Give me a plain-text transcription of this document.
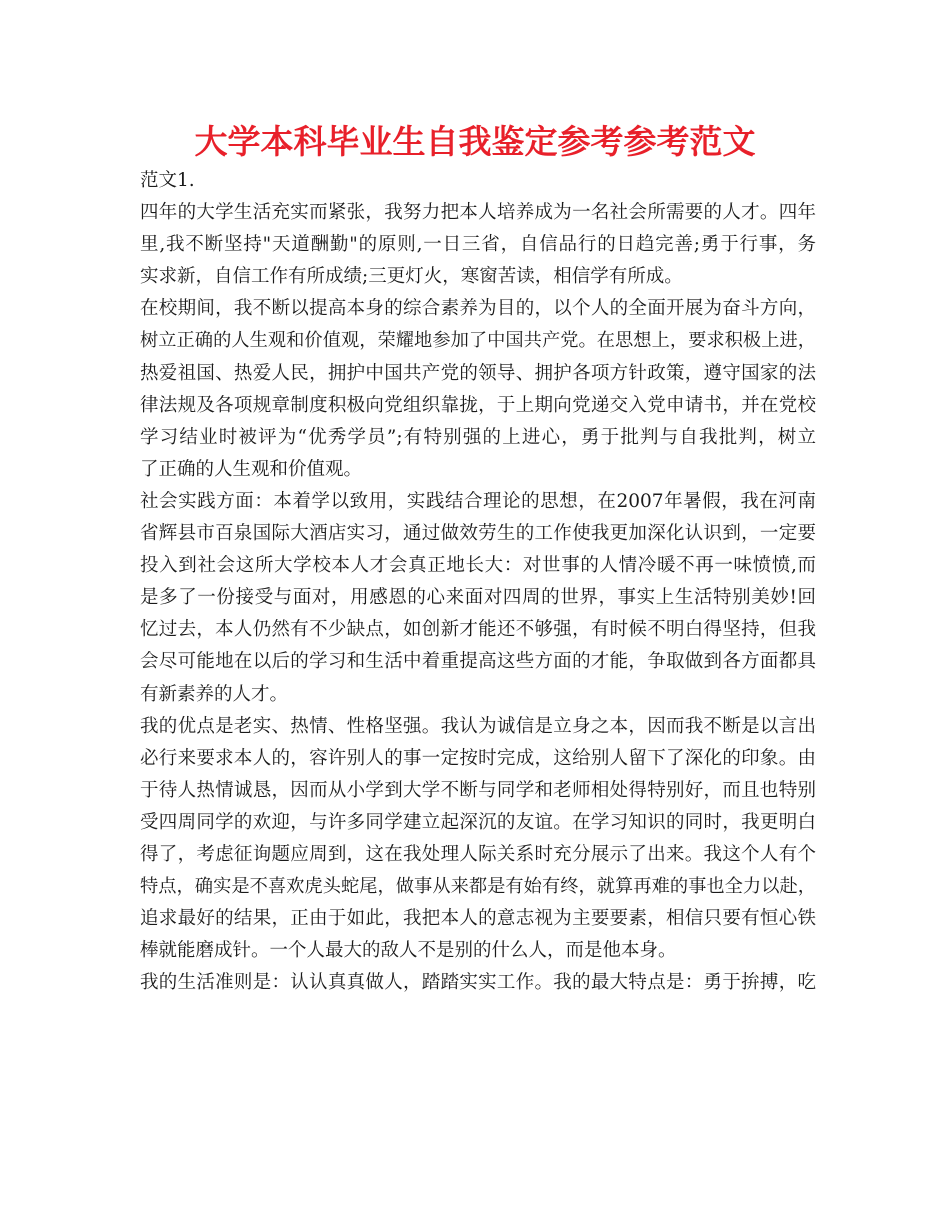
大学本科毕业生自我鉴定参考参考范文
范文1.
四年的大学生活充实而紧张，我努力把本人培养成为一名社会所需要的人才。四年
里,我不断坚持"天道酬勤"的原则,一日三省，自信品行的日趋完善;勇于行事，务
实求新，自信工作有所成绩;三更灯火，寒窗苦读，相信学有所成。
在校期间，我不断以提高本身的综合素养为目的，以个人的全面开展为奋斗方向，
树立正确的人生观和价值观，荣耀地参加了中国共产党。在思想上，要求积极上进，
热爱祖国、热爱人民，拥护中国共产党的领导、拥护各项方针政策，遵守国家的法
律法规及各项规章制度积极向党组织靠拢，于上期向党递交入党申请书，并在党校
学习结业时被评为“优秀学员”;有特别强的上进心，勇于批判与自我批判，树立
了正确的人生观和价值观。
社会实践方面：本着学以致用，实践结合理论的思想，在2007年暑假，我在河南
省辉县市百泉国际大酒店实习，通过做效劳生的工作使我更加深化认识到，一定要
投入到社会这所大学校本人才会真正地长大：对世事的人情冷暖不再一味愤愤,而
是多了一份接受与面对，用感恩的心来面对四周的世界，事实上生活特别美妙!回
忆过去，本人仍然有不少缺点，如创新才能还不够强，有时候不明白得坚持，但我
会尽可能地在以后的学习和生活中着重提高这些方面的才能，争取做到各方面都具
有新素养的人才。
我的优点是老实、热情、性格坚强。我认为诚信是立身之本，因而我不断是以言出
必行来要求本人的，容许别人的事一定按时完成，这给别人留下了深化的印象。由
于待人热情诚恳，因而从小学到大学不断与同学和老师相处得特别好，而且也特别
受四周同学的欢迎，与许多同学建立起深沉的友谊。在学习知识的同时，我更明白
得了，考虑征询题应周到，这在我处理人际关系时充分展示了出来。我这个人有个
特点，确实是不喜欢虎头蛇尾，做事从来都是有始有终，就算再难的事也全力以赴，
追求最好的结果，正由于如此，我把本人的意志视为主要要素，相信只要有恒心铁
棒就能磨成针。一个人最大的敌人不是别的什么人，而是他本身。
我的生活准则是：认认真真做人，踏踏实实工作。我的最大特点是：勇于拚搏，吃
